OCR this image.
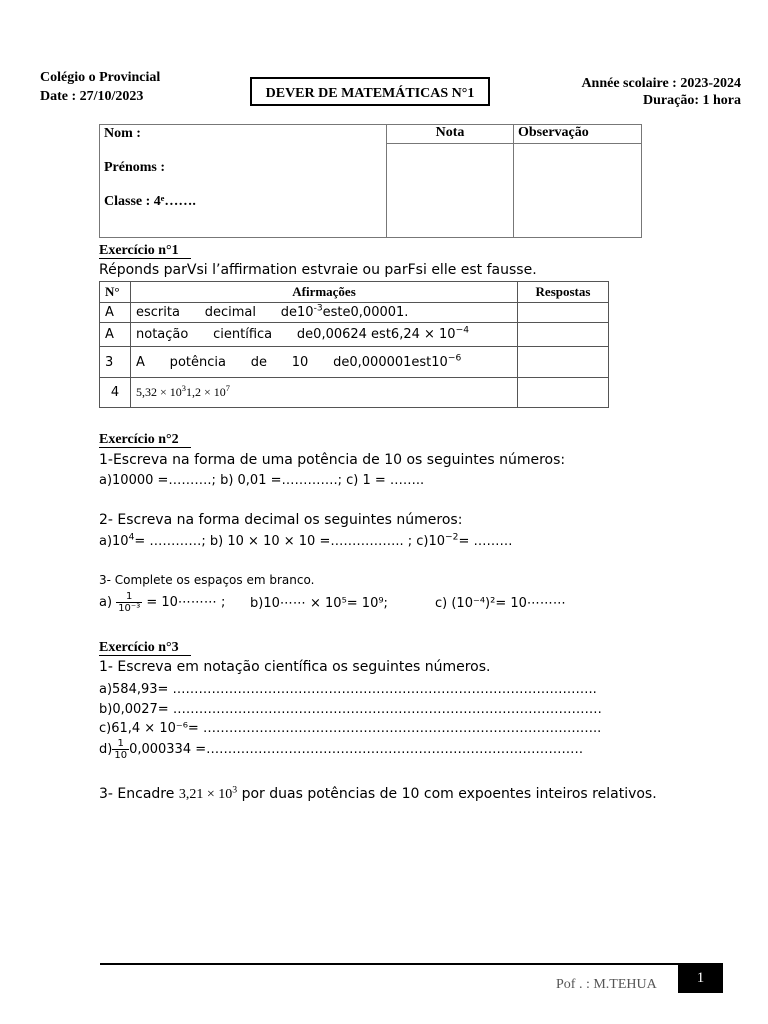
Colégio o Provincial
Date : 27/10/2023	DEVER DE MATEMÁTICAS N°1
Année scolaire : 2023-2024
Duração: 1 hora
Nom :
Prénoms :
Classe : 4ᵉ…….	Nota	Observação

Exercício n°1
Réponds parVsi l’affirmation estvraie ou parFsi elle est fausse.
N°	Afirmações	Respostas
A	escrita      decimal      $de10^{-3}este0,00001$.	
A	notação      científica      de0,00624 $est6,24 \times 10^{-4}$	
3	A      potência      de      10      $de0,000001est10^{-6}$	
4	$5,32 \times 10^31,2 \times 10^7$	
Exercício n°2
1-Escreva na forma de uma potência de 10 os seguintes números:
a)10000 =……….; b) 0,01 =………….; c) 1 = ……..
2- Escreva na forma decimal os seguintes números:
$a)10^4=$ …………; b) 10 × 10 × 10 =…………….. ; $c)10^{-2}=$ ………
3- Complete os espaços em branco.
$a) \frac{1}{\text{10⁻³}}$ = 10⋯⋯⋯ ; b)10⋯⋯ × 10⁵= 10⁹;	c) (10⁻⁴)²= 10⋯⋯⋯
Exercício n°3
1- Escreva em notação científica os seguintes números.
a)584,93= ……………………………………………………………………………………..
b)0,0027= ………………………………………………………………………………………
c)61,4 × 10⁻⁶= ………………………………………………………………………………..
$d) \frac{1}{10} 0,000334$ =……………………………………………………………………………
3- Encadre $3,21 \times 10^3$ por duas potências de 10 com expoentes inteiros relativos.
Pof . : M.TEHUA	1
